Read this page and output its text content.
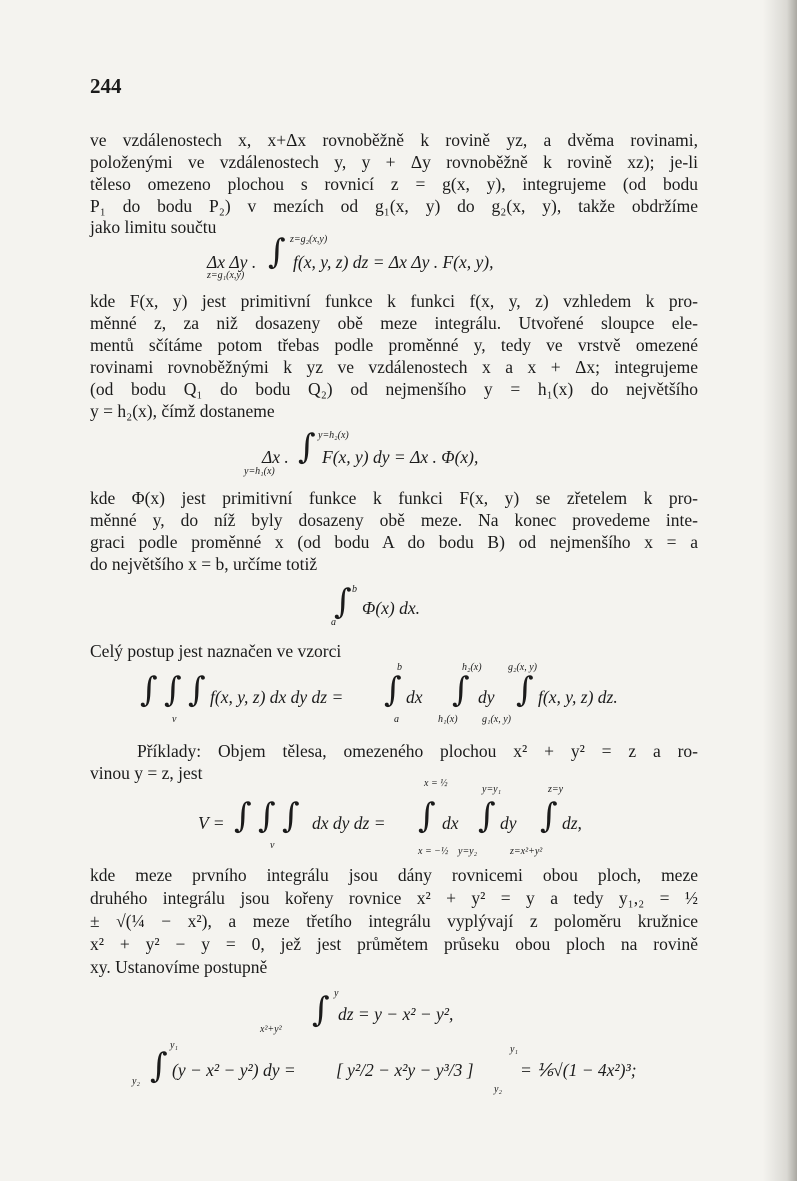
244
ve vzdálenostech x, x+Δx rovnoběžně k rovině yz, a dvěma rovinami,
položenými ve vzdálenostech y, y + Δy rovnoběžně k rovině xz); je-li
těleso omezeno plochou s rovnicí z = g(x, y), integrujeme (od bodu
P₁ do bodu P₂) v mezích od g₁(x, y) do g₂(x, y), takže obdržíme
jako limitu součtu
Δx Δy . ∫ z=g₂(x,y)
z=g₁(x,y)
f(x, y, z) dz = Δx Δy . F(x, y),
kde F(x, y) jest primitivní funkce k funkci f(x, y, z) vzhledem k pro-
měnné z, za niž dosazeny obě meze integrálu. Utvořené sloupce ele-
mentů sčítáme potom třebas podle proměnné y, tedy ve vrstvě omezené
rovinami rovnoběžnými k yz ve vzdálenostech x a x + Δx; integrujeme
(od bodu Q₁ do bodu Q₂) od nejmenšího y = h₁(x) do největšího
y = h₂(x), čímž dostaneme
Δx . ∫ y=h₂(x)
y=h₁(x)
F(x, y) dy = Δx . Φ(x),
kde Φ(x) jest primitivní funkce k funkci F(x, y) se zřetelem k pro-
měnné y, do níž byly dosazeny obě meze. Na konec provedeme inte-
graci podle proměnné x (od bodu A do bodu B) od nejmenšího x = a
do největšího x = b, určíme totiž
∫ b
a
Φ(x) dx.
Celý postup jest naznačen ve vzorci
∫ ∫ ∫
v
f(x, y, z) dx dy dz = ∫
b
a
dx ∫
h₂(x)
h₁(x)
dy ∫
g₂(x, y)
g₁(x, y)
f(x, y, z) dz.
Příklady: Objem tělesa, omezeného plochou x² + y² = z a ro-
vinou y = z, jest
V = ∫ ∫ ∫
v
dx dy dz = ∫
x = ½
x = −½
dx ∫
y=y₁
y=y₂
dy ∫
z=y
z=x²+y²
dz,
kde meze prvního integrálu jsou dány rovnicemi obou ploch, meze
druhého integrálu jsou kořeny rovnice x² + y² = y a tedy y₁,₂ = ½
± √(¼ − x²), a meze třetího integrálu vyplývají z poloměru kružnice
x² + y² − y = 0, jež jest průmětem průseku obou ploch na rovině
xy. Ustanovíme postupně
∫ y
x²+y²
dz = y − x² − y²,
∫
y₁
y₂
(y − x² − y²) dy = [ y²/2 − x²y − y³/3 ]
y₁
y₂
= ⅙√(1 − 4x²)³;
